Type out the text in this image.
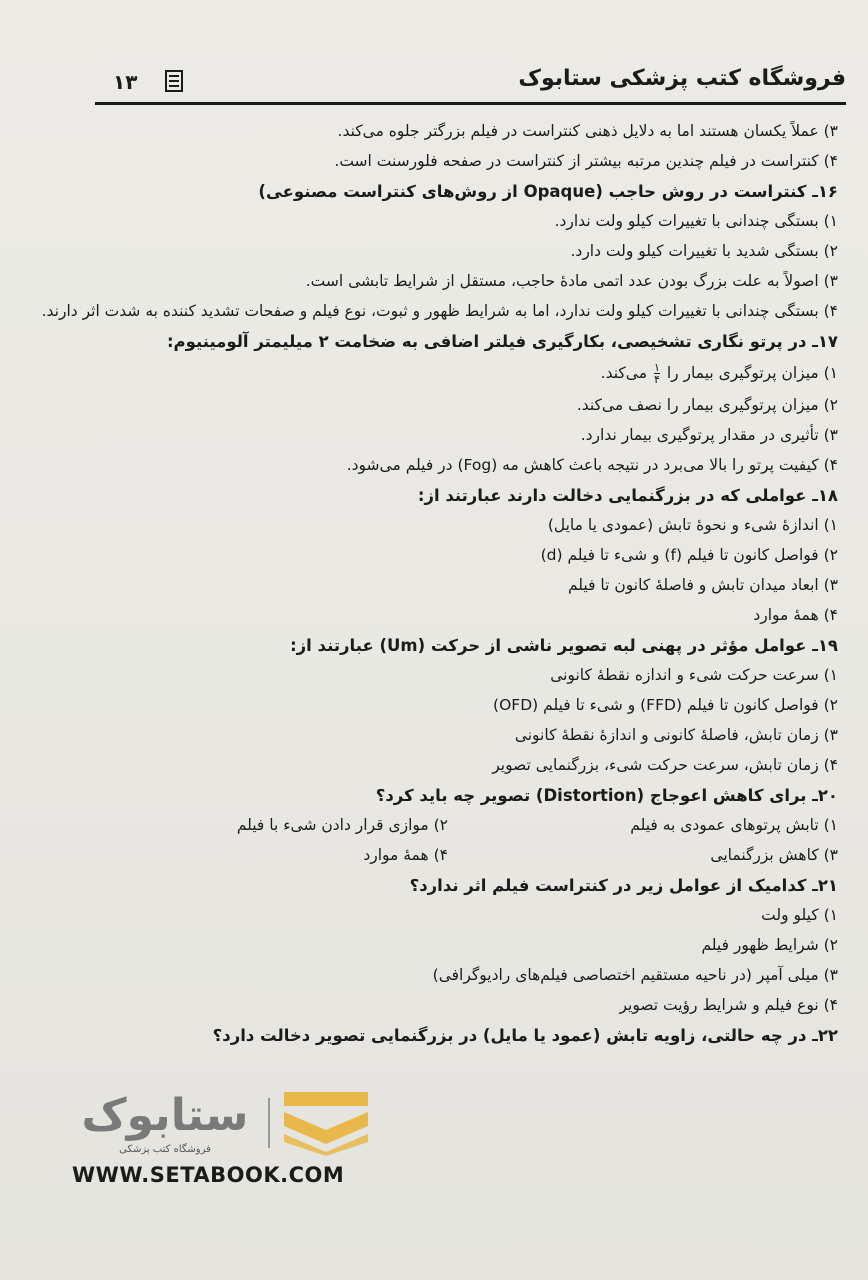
فروشگاه کتب پزشکی ستابوک
۱۳

۳) عملاً یکسان هستند اما به دلایل ذهنی کنتراست در فیلم بزرگتر جلوه می‌کند.

۴) کنتراست در فیلم چندین مرتبه بیشتر از کنتراست در صفحه فلورسنت است.

۱۶ـ کنتراست در روش حاجب (Opaque از روش‌های کنتراست مصنوعی)

۱) بستگی چندانی با تغییرات کیلو ولت ندارد.

۲) بستگی شدید با تغییرات کیلو ولت دارد.

۳) اصولاً به علت بزرگ بودن عدد اتمی مادهٔ حاجب، مستقل از شرایط تابشی است.

۴) بستگی چندانی با تغییرات کیلو ولت ندارد، اما به شرایط ظهور و ثبوت، نوع فیلم و صفحات تشدید کننده به شدت اثر دارند.

۱۷ـ در پرتو نگاری تشخیصی، بکارگیری فیلتر اضافی به ضخامت ۲ میلیمتر آلومینیوم:

۱) میزان پرتوگیری بیمار را
$\frac{۱}{۴}$
می‌کند.

۲) میزان پرتوگیری بیمار را نصف می‌کند.

۳) تأثیری در مقدار پرتوگیری بیمار ندارد.

۴) کیفیت پرتو را بالا می‌برد در نتیجه باعث کاهش مه (Fog) در فیلم می‌شود.

۱۸ـ عواملی که در بزرگنمایی دخالت دارند عبارتند از:

۱) اندازهٔ شیء و نحوهٔ تابش (عمودی یا مایل)

۲) فواصل کانون تا فیلم (f) و شیء تا فیلم (d)

۳) ابعاد میدان تابش و فاصلهٔ کانون تا فیلم

۴) همهٔ موارد

۱۹ـ عوامل مؤثر در پهنی لبه تصویر ناشی از حرکت (Um) عبارتند از:

۱) سرعت حرکت شیء و اندازه نقطهٔ کانونی

۲) فواصل کانون تا فیلم (FFD) و شیء تا فیلم (OFD)

۳) زمان تابش، فاصلهٔ کانونی و اندازهٔ نقطهٔ کانونی

۴) زمان تابش، سرعت حرکت شیء، بزرگنمایی تصویر

۲۰ـ برای کاهش اعوجاج (Distortion) تصویر چه باید کرد؟

۱) تابش پرتوهای عمودی به فیلم
۲) موازی قرار دادن شیء با فیلم
۳) کاهش بزرگنمایی
۴) همهٔ موارد

۲۱ـ کدامیک از عوامل زیر در کنتراست فیلم اثر ندارد؟

۱) کیلو ولت

۲) شرایط ظهور فیلم

۳) میلی آمپر (در ناحیه مستقیم اختصاصی فیلم‌های رادیوگرافی)

۴) نوع فیلم و شرایط رؤیت تصویر

۲۲ـ در چه حالتی، زاویه تابش (عمود یا مایل) در بزرگنمایی تصویر دخالت دارد؟

ستابوک
فروشگاه کتب پزشکی
WWW.SETABOOK.COM
